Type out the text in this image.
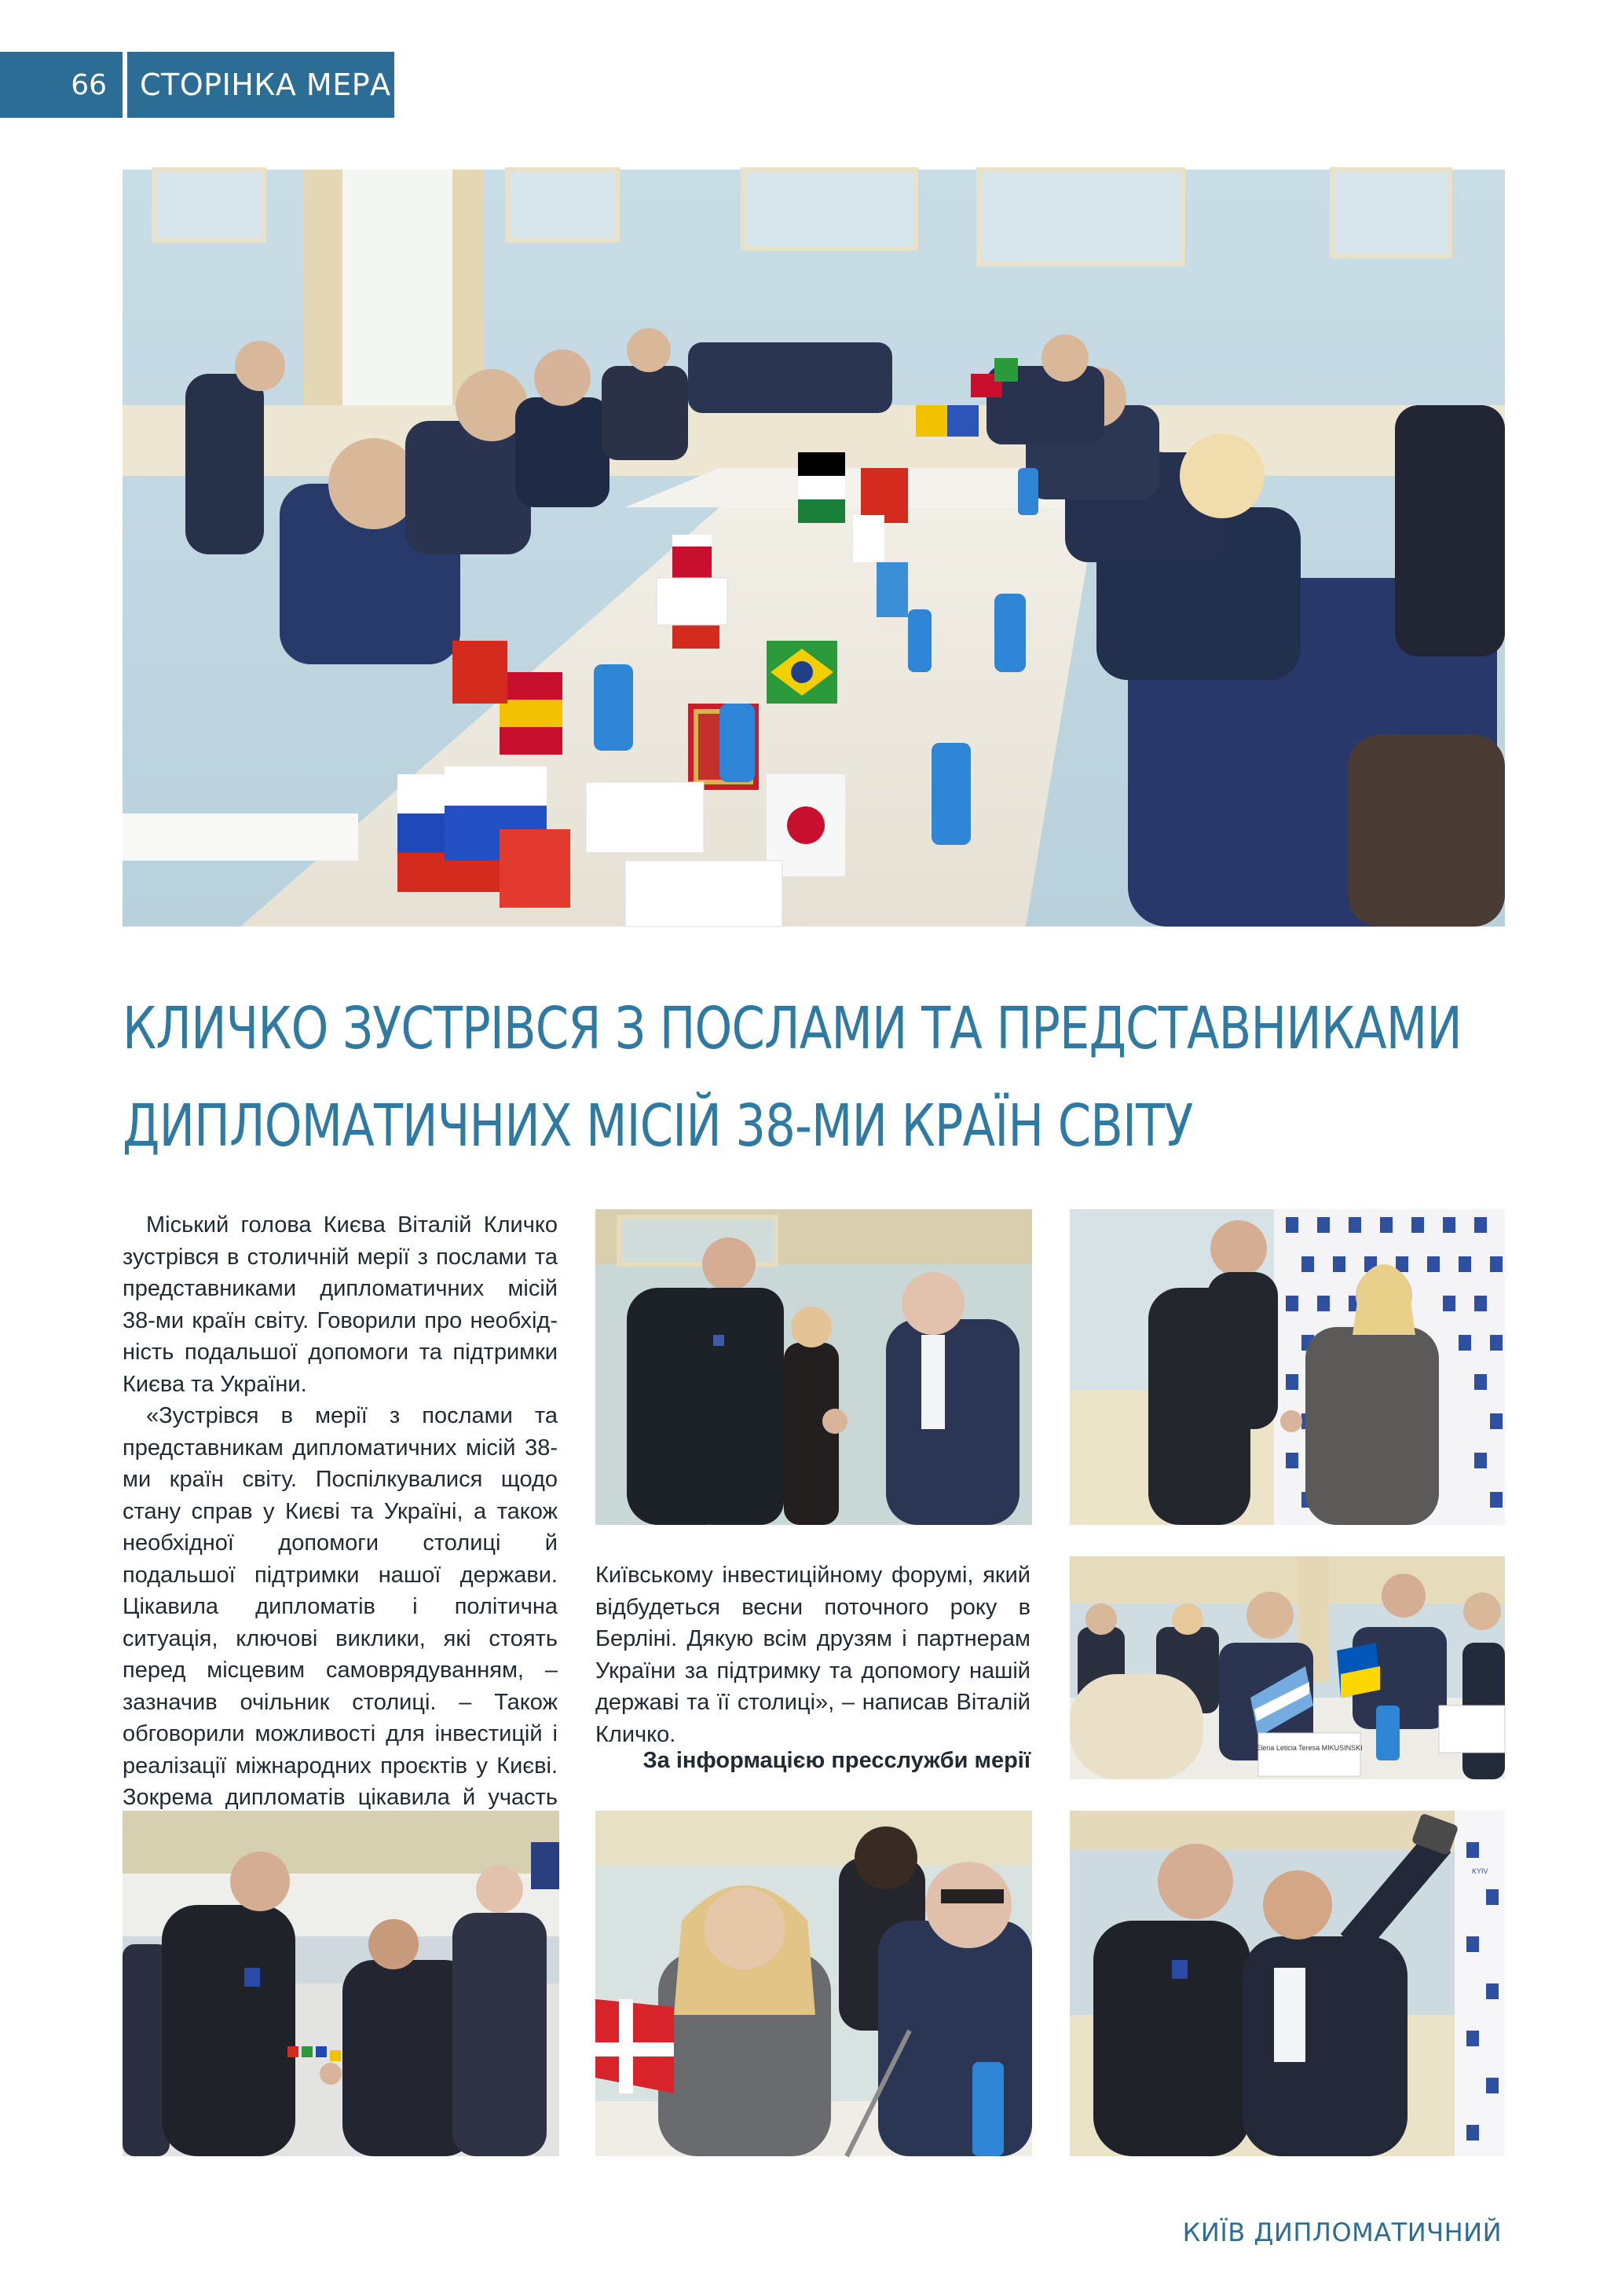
66	СТОРІНКА МЕРА
КЛИЧКО ЗУСТРІВСЯ З ПОСЛАМИ ТА ПРЕДСТАВНИКАМИ
ДИПЛОМАТИЧНИХ МІСІЙ 38-МИ КРАЇН СВІТУ

Міський голова Києва Віталій Кличко зустрівся в столичній мерії з послами та представниками дипломатичних місій 38-ми країн світу. Говорили про необхідність подальшої допомоги та підтримки Києва та України.

«Зустрівся в мерії з послами та представникам дипломатичних місій 38-ми країн світу. Поспілкувалися щодо стану справ у Києві та Україні, а також необхідної допомоги столиці й подальшої підтримки нашої держави. Цікавила дипломатів і політична ситуація, ключові виклики, які стоять перед місцевим самоврядуванням, – зазначив очільник столиці. – Також обговорили можливості для інвестицій і реалізації міжнародних проєктів у Києві. Зокрема дипломатів цікавила й участь

Київському інвестиційному форумі, який відбудеться весни поточного року в Берліні. Дякую всім друзям і партнерам України за підтримку та допомогу нашій державі та її столиці», – написав Віталій Кличко.

За інформацією пресслужби мерії	Elena Leticia Teresa MIKUSINSKI
KYIV
КИЇВ ДИПЛОМАТИЧНИЙ
